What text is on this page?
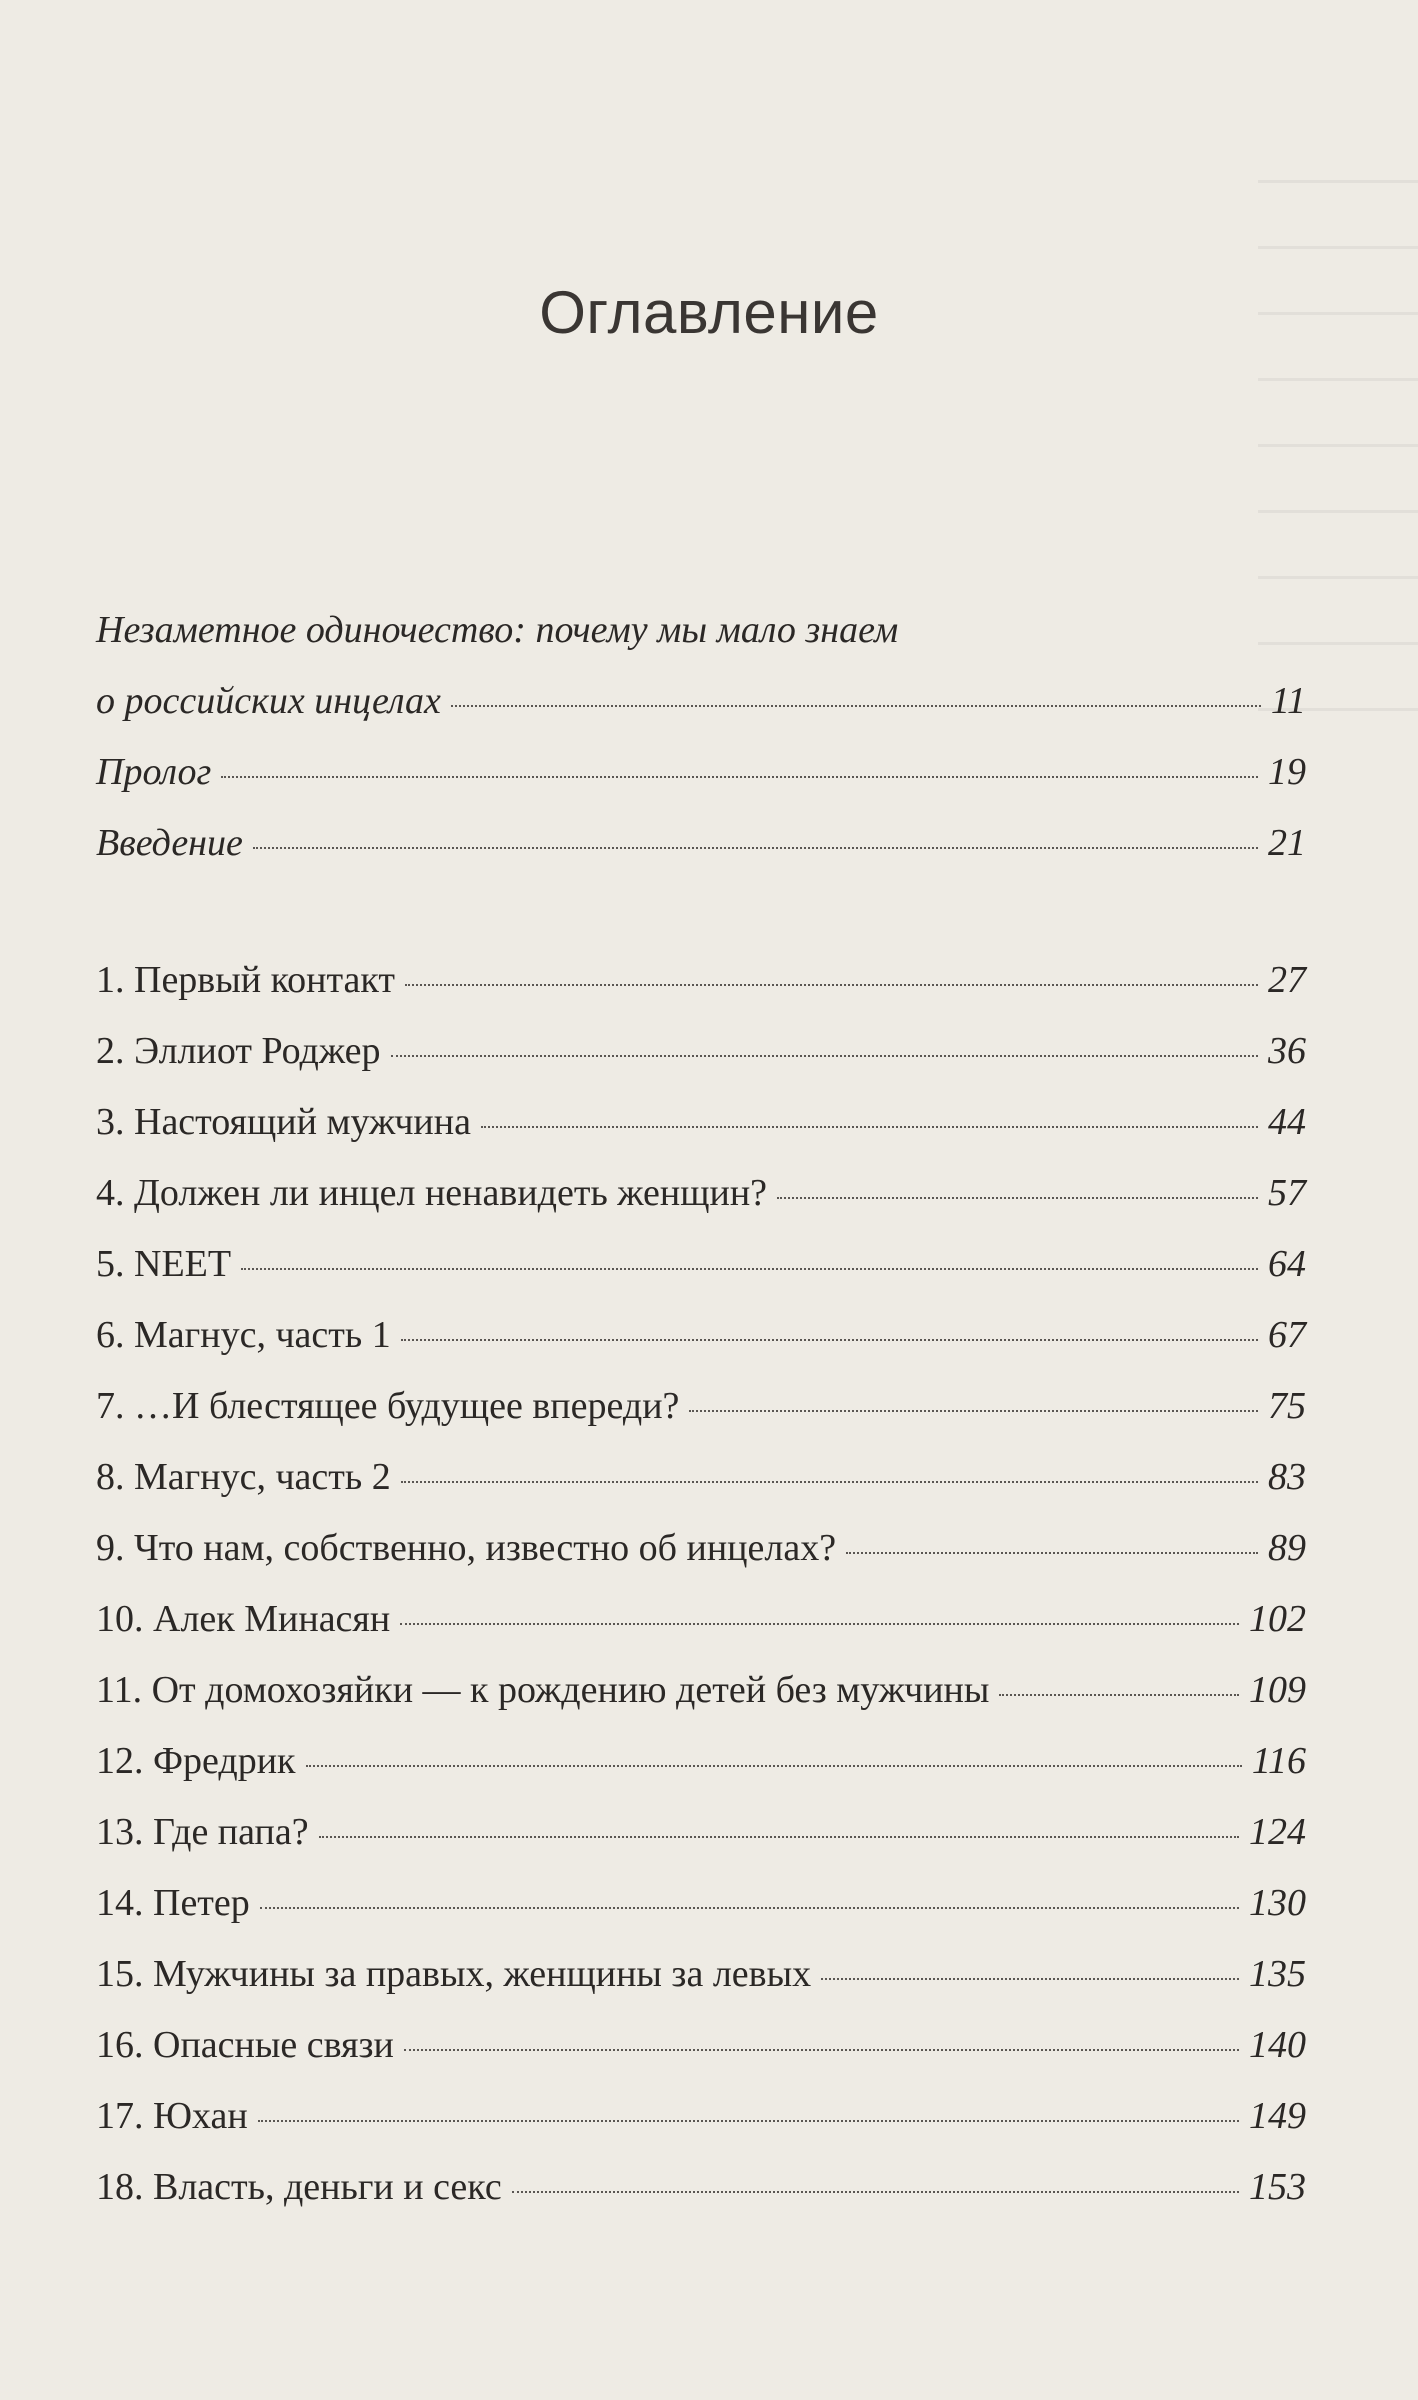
Оглавление
Незаметное одиночество: почему мы мало знаем
о российских инцелах	11
Пролог	19
Введение	21
1. Первый контакт	27
2. Эллиот Роджер	36
3. Настоящий мужчина	44
4. Должен ли инцел ненавидеть женщин?	57
5. NEET	64
6. Магнус, часть 1	67
7. …И блестящее будущее впереди?	75
8. Магнус, часть 2	83
9. Что нам, собственно, известно об инцелах?	89
10. Алек Минасян	102
11. От домохозяйки — к рождению детей без мужчины	109
12. Фредрик	116
13. Где папа?	124
14. Петер	130
15. Мужчины за правых, женщины за левых	135
16. Опасные связи	140
17. Юхан	149
18. Власть, деньги и секс	153
